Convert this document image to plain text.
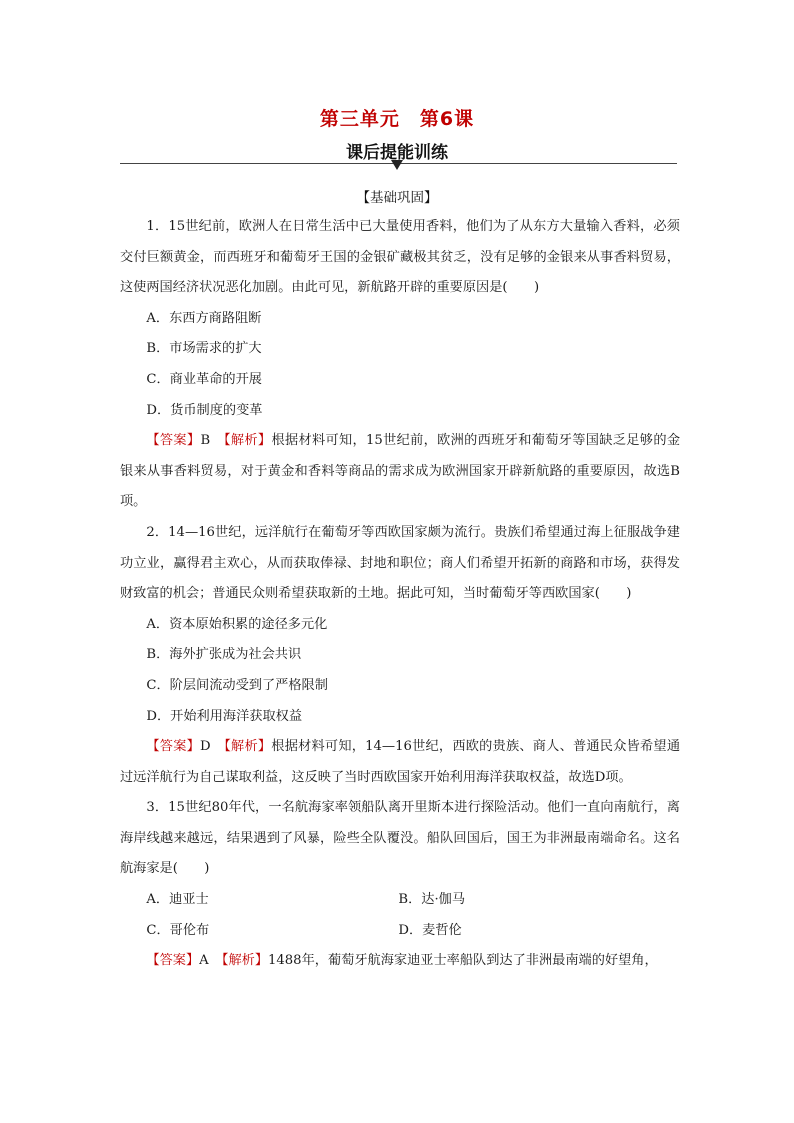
第三单元　第6课
课后提能训练
【基础巩固】

1．15世纪前，欧洲人在日常生活中已大量使用香料，他们为了从东方大量输入香料，必须交付巨额黄金，而西班牙和葡萄牙王国的金银矿藏极其贫乏，没有足够的金银来从事香料贸易，这使两国经济状况恶化加剧。由此可见，新航路开辟的重要原因是(　　)

A．东西方商路阻断

B．市场需求的扩大

C．商业革命的开展

D．货币制度的变革

【答案】B　 【解析】根据材料可知，15世纪前，欧洲的西班牙和葡萄牙等国缺乏足够的金银来从事香料贸易，对于黄金和香料等商品的需求成为欧洲国家开辟新航路的重要原因，故选B项。

2．14—16世纪，远洋航行在葡萄牙等西欧国家颇为流行。贵族们希望通过海上征服战争建功立业，赢得君主欢心，从而获取俸禄、封地和职位；商人们希望开拓新的商路和市场，获得发财致富的机会；普通民众则希望获取新的土地。据此可知，当时葡萄牙等西欧国家(　　)

A．资本原始积累的途径多元化

B．海外扩张成为社会共识

C．阶层间流动受到了严格限制

D．开始利用海洋获取权益

【答案】D　 【解析】根据材料可知，14—16世纪，西欧的贵族、商人、普通民众皆希望通过远洋航行为自己谋取利益，这反映了当时西欧国家开始利用海洋获取权益，故选D项。

3．15世纪80年代，一名航海家率领船队离开里斯本进行探险活动。他们一直向南航行，离海岸线越来越远，结果遇到了风暴，险些全队覆没。船队回国后，国王为非洲最南端命名。这名航海家是(　　)

A．迪亚士	B．达·伽马
C．哥伦布	D．麦哲伦

【答案】A　 【解析】1488年，葡萄牙航海家迪亚士率船队到达了非洲最南端的好望角，
